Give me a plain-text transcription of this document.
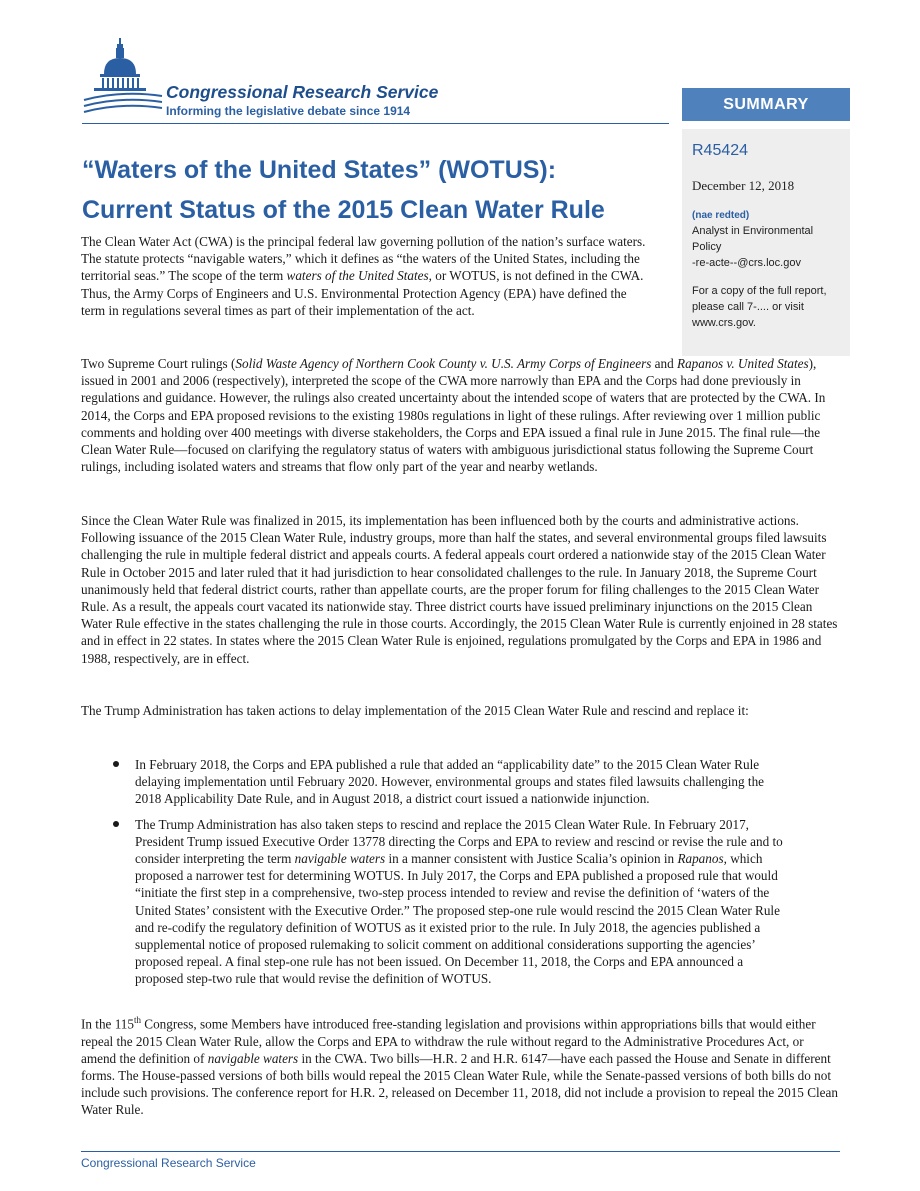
Congressional Research Service
Informing the legislative debate since 1914	SUMMARY
R45424
December 12, 2018
(nae redted)
Analyst in Environmental Policy
-re-acte--@crs.loc.gov
For a copy of the full report, please call 7-.... or visit www.crs.gov.
“Waters of the United States” (WOTUS):
Current Status of the 2015 Clean Water Rule

The Clean Water Act (CWA) is the principal federal law governing pollution of the nation’s surface waters. The statute protects “navigable waters,” which it defines as “the waters of the United States, including the territorial seas.” The scope of the term waters of the United States, or WOTUS, is not defined in the CWA. Thus, the Army Corps of Engineers and U.S. Environmental Protection Agency (EPA) have defined the term in regulations several times as part of their implementation of the act.

Two Supreme Court rulings (Solid Waste Agency of Northern Cook County v. U.S. Army Corps of Engineers and Rapanos v. United States), issued in 2001 and 2006 (respectively), interpreted the scope of the CWA more narrowly than EPA and the Corps had done previously in regulations and guidance. However, the rulings also created uncertainty about the intended scope of waters that are protected by the CWA. In 2014, the Corps and EPA proposed revisions to the existing 1980s regulations in light of these rulings. After reviewing over 1 million public comments and holding over 400 meetings with diverse stakeholders, the Corps and EPA issued a final rule in June 2015. The final rule—the Clean Water Rule—focused on clarifying the regulatory status of waters with ambiguous jurisdictional status following the Supreme Court rulings, including isolated waters and streams that flow only part of the year and nearby wetlands.

Since the Clean Water Rule was finalized in 2015, its implementation has been influenced both by the courts and administrative actions. Following issuance of the 2015 Clean Water Rule, industry groups, more than half the states, and several environmental groups filed lawsuits challenging the rule in multiple federal district and appeals courts. A federal appeals court ordered a nationwide stay of the 2015 Clean Water Rule in October 2015 and later ruled that it had jurisdiction to hear consolidated challenges to the rule. In January 2018, the Supreme Court unanimously held that federal district courts, rather than appellate courts, are the proper forum for filing challenges to the 2015 Clean Water Rule. As a result, the appeals court vacated its nationwide stay. Three district courts have issued preliminary injunctions on the 2015 Clean Water Rule effective in the states challenging the rule in those courts. Accordingly, the 2015 Clean Water Rule is currently enjoined in 28 states and in effect in 22 states. In states where the 2015 Clean Water Rule is enjoined, regulations promulgated by the Corps and EPA in 1986 and 1988, respectively, are in effect.

The Trump Administration has taken actions to delay implementation of the 2015 Clean Water Rule and rescind and replace it:

In February 2018, the Corps and EPA published a rule that added an “applicability date” to the 2015 Clean Water Rule delaying implementation until February 2020. However, environmental groups and states filed lawsuits challenging the 2018 Applicability Date Rule, and in August 2018, a district court issued a nationwide injunction.
The Trump Administration has also taken steps to rescind and replace the 2015 Clean Water Rule. In February 2017, President Trump issued Executive Order 13778 directing the Corps and EPA to review and rescind or revise the rule and to consider interpreting the term navigable waters in a manner consistent with Justice Scalia’s opinion in Rapanos, which proposed a narrower test for determining WOTUS. In July 2017, the Corps and EPA published a proposed rule that would “initiate the first step in a comprehensive, two-step process intended to review and revise the definition of ‘waters of the United States’ consistent with the Executive Order.” The proposed step-one rule would rescind the 2015 Clean Water Rule and re-codify the regulatory definition of WOTUS as it existed prior to the rule. In July 2018, the agencies published a supplemental notice of proposed rulemaking to solicit comment on additional considerations supporting the agencies’ proposed repeal. A final step-one rule has not been issued. On December 11, 2018, the Corps and EPA announced a proposed step-two rule that would revise the definition of WOTUS.

In the 115th Congress, some Members have introduced free-standing legislation and provisions within appropriations bills that would either repeal the 2015 Clean Water Rule, allow the Corps and EPA to withdraw the rule without regard to the Administrative Procedures Act, or amend the definition of navigable waters in the CWA. Two bills—H.R. 2 and H.R. 6147—have each passed the House and Senate in different forms. The House-passed versions of both bills would repeal the 2015 Clean Water Rule, while the Senate-passed versions of both bills do not include such provisions. The conference report for H.R. 2, released on December 11, 2018, did not include a provision to repeal the 2015 Clean Water Rule.

Congressional Research Service
